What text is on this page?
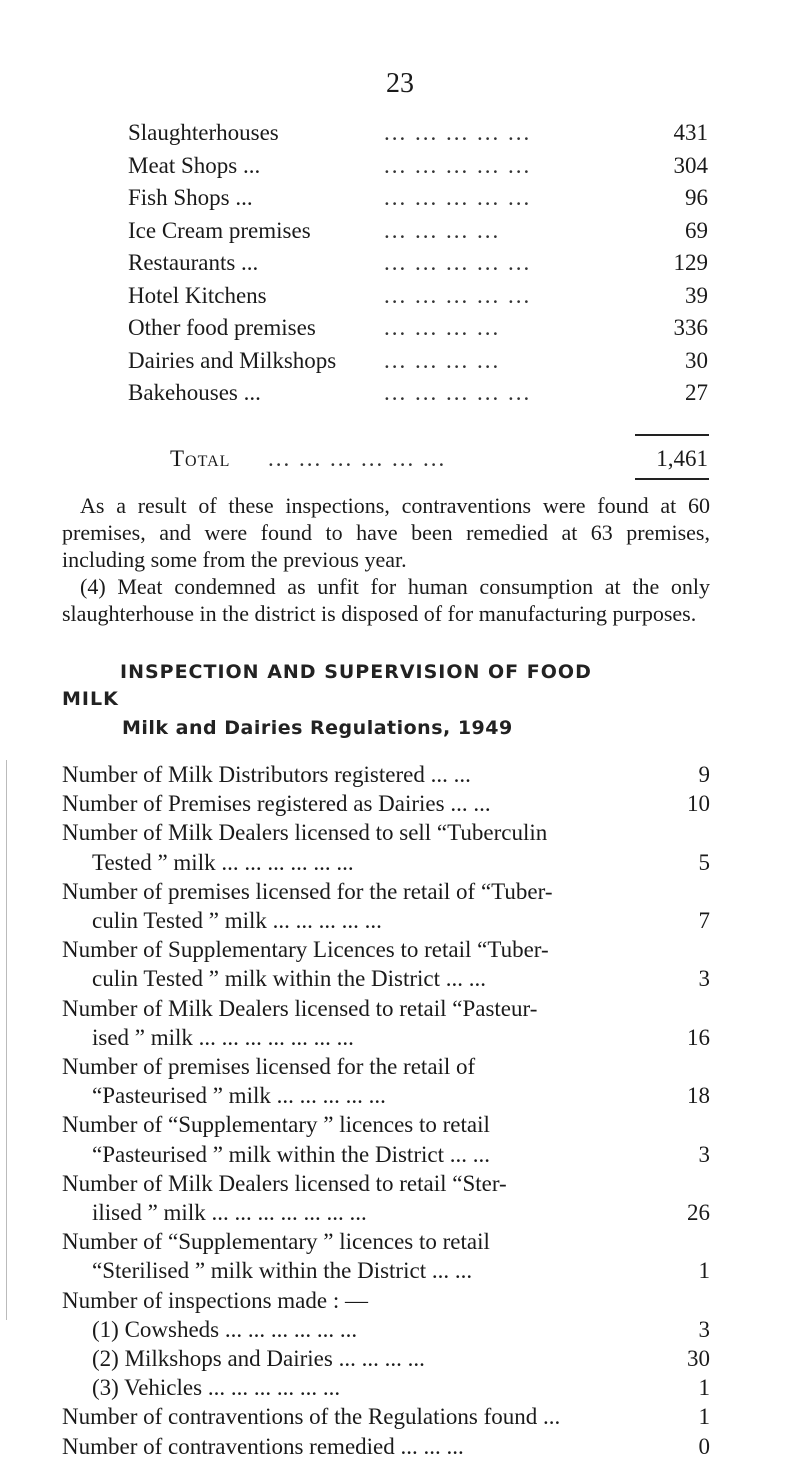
23
Slaughterhouses	... ... ... ... ...	431
Meat Shops ...	... ... ... ... ...	304
Fish Shops ...	... ... ... ... ...	96
Ice Cream premises	... ... ... ...	69
Restaurants ...	... ... ... ... ...	129
Hotel Kitchens	... ... ... ... ...	39
Other food premises	... ... ... ...	336
Dairies and Milkshops ... ... ... ...	30
Bakehouses ...	... ... ... ... ...	27
Total ... ... ... ... ... ...	1,461
As a result of these inspections, contraventions were found at 60 premises, and were found to have been remedied at 63 premises, including some from the previous year.
(4) Meat condemned as unfit for human consumption at the only slaughterhouse in the district is disposed of for manufacturing purposes.
INSPECTION AND SUPERVISION OF FOOD
MILK
Milk and Dairies Regulations, 1949
Number of Milk Distributors registered ... ...	9
Number of Premises registered as Dairies ... ...	10
Number of Milk Dealers licensed to sell “Tuberculin
Tested ” milk ... ... ... ... ... ...	5
Number of premises licensed for the retail of “Tuber-
culin Tested ” milk ... ... ... ... ...	7
Number of Supplementary Licences to retail “Tuber-
culin Tested ” milk within the District ... ...	3
Number of Milk Dealers licensed to retail “Pasteur-
ised ” milk ... ... ... ... ... ... ...	16
Number of premises licensed for the retail of
“Pasteurised ” milk ... ... ... ... ...	18
Number of “Supplementary ” licences to retail
“Pasteurised ” milk within the District ... ...	3
Number of Milk Dealers licensed to retail “Ster-
ilised ” milk ... ... ... ... ... ... ...	26
Number of “Supplementary ” licences to retail
“Sterilised ” milk within the District ... ...	1
Number of inspections made : —
(1) Cowsheds ... ... ... ... ... ...	3
(2) Milkshops and Dairies ... ... ... ...	30
(3) Vehicles ... ... ... ... ... ...	1
Number of contraventions of the Regulations found ...	1
Number of contraventions remedied ... ... ...	0
